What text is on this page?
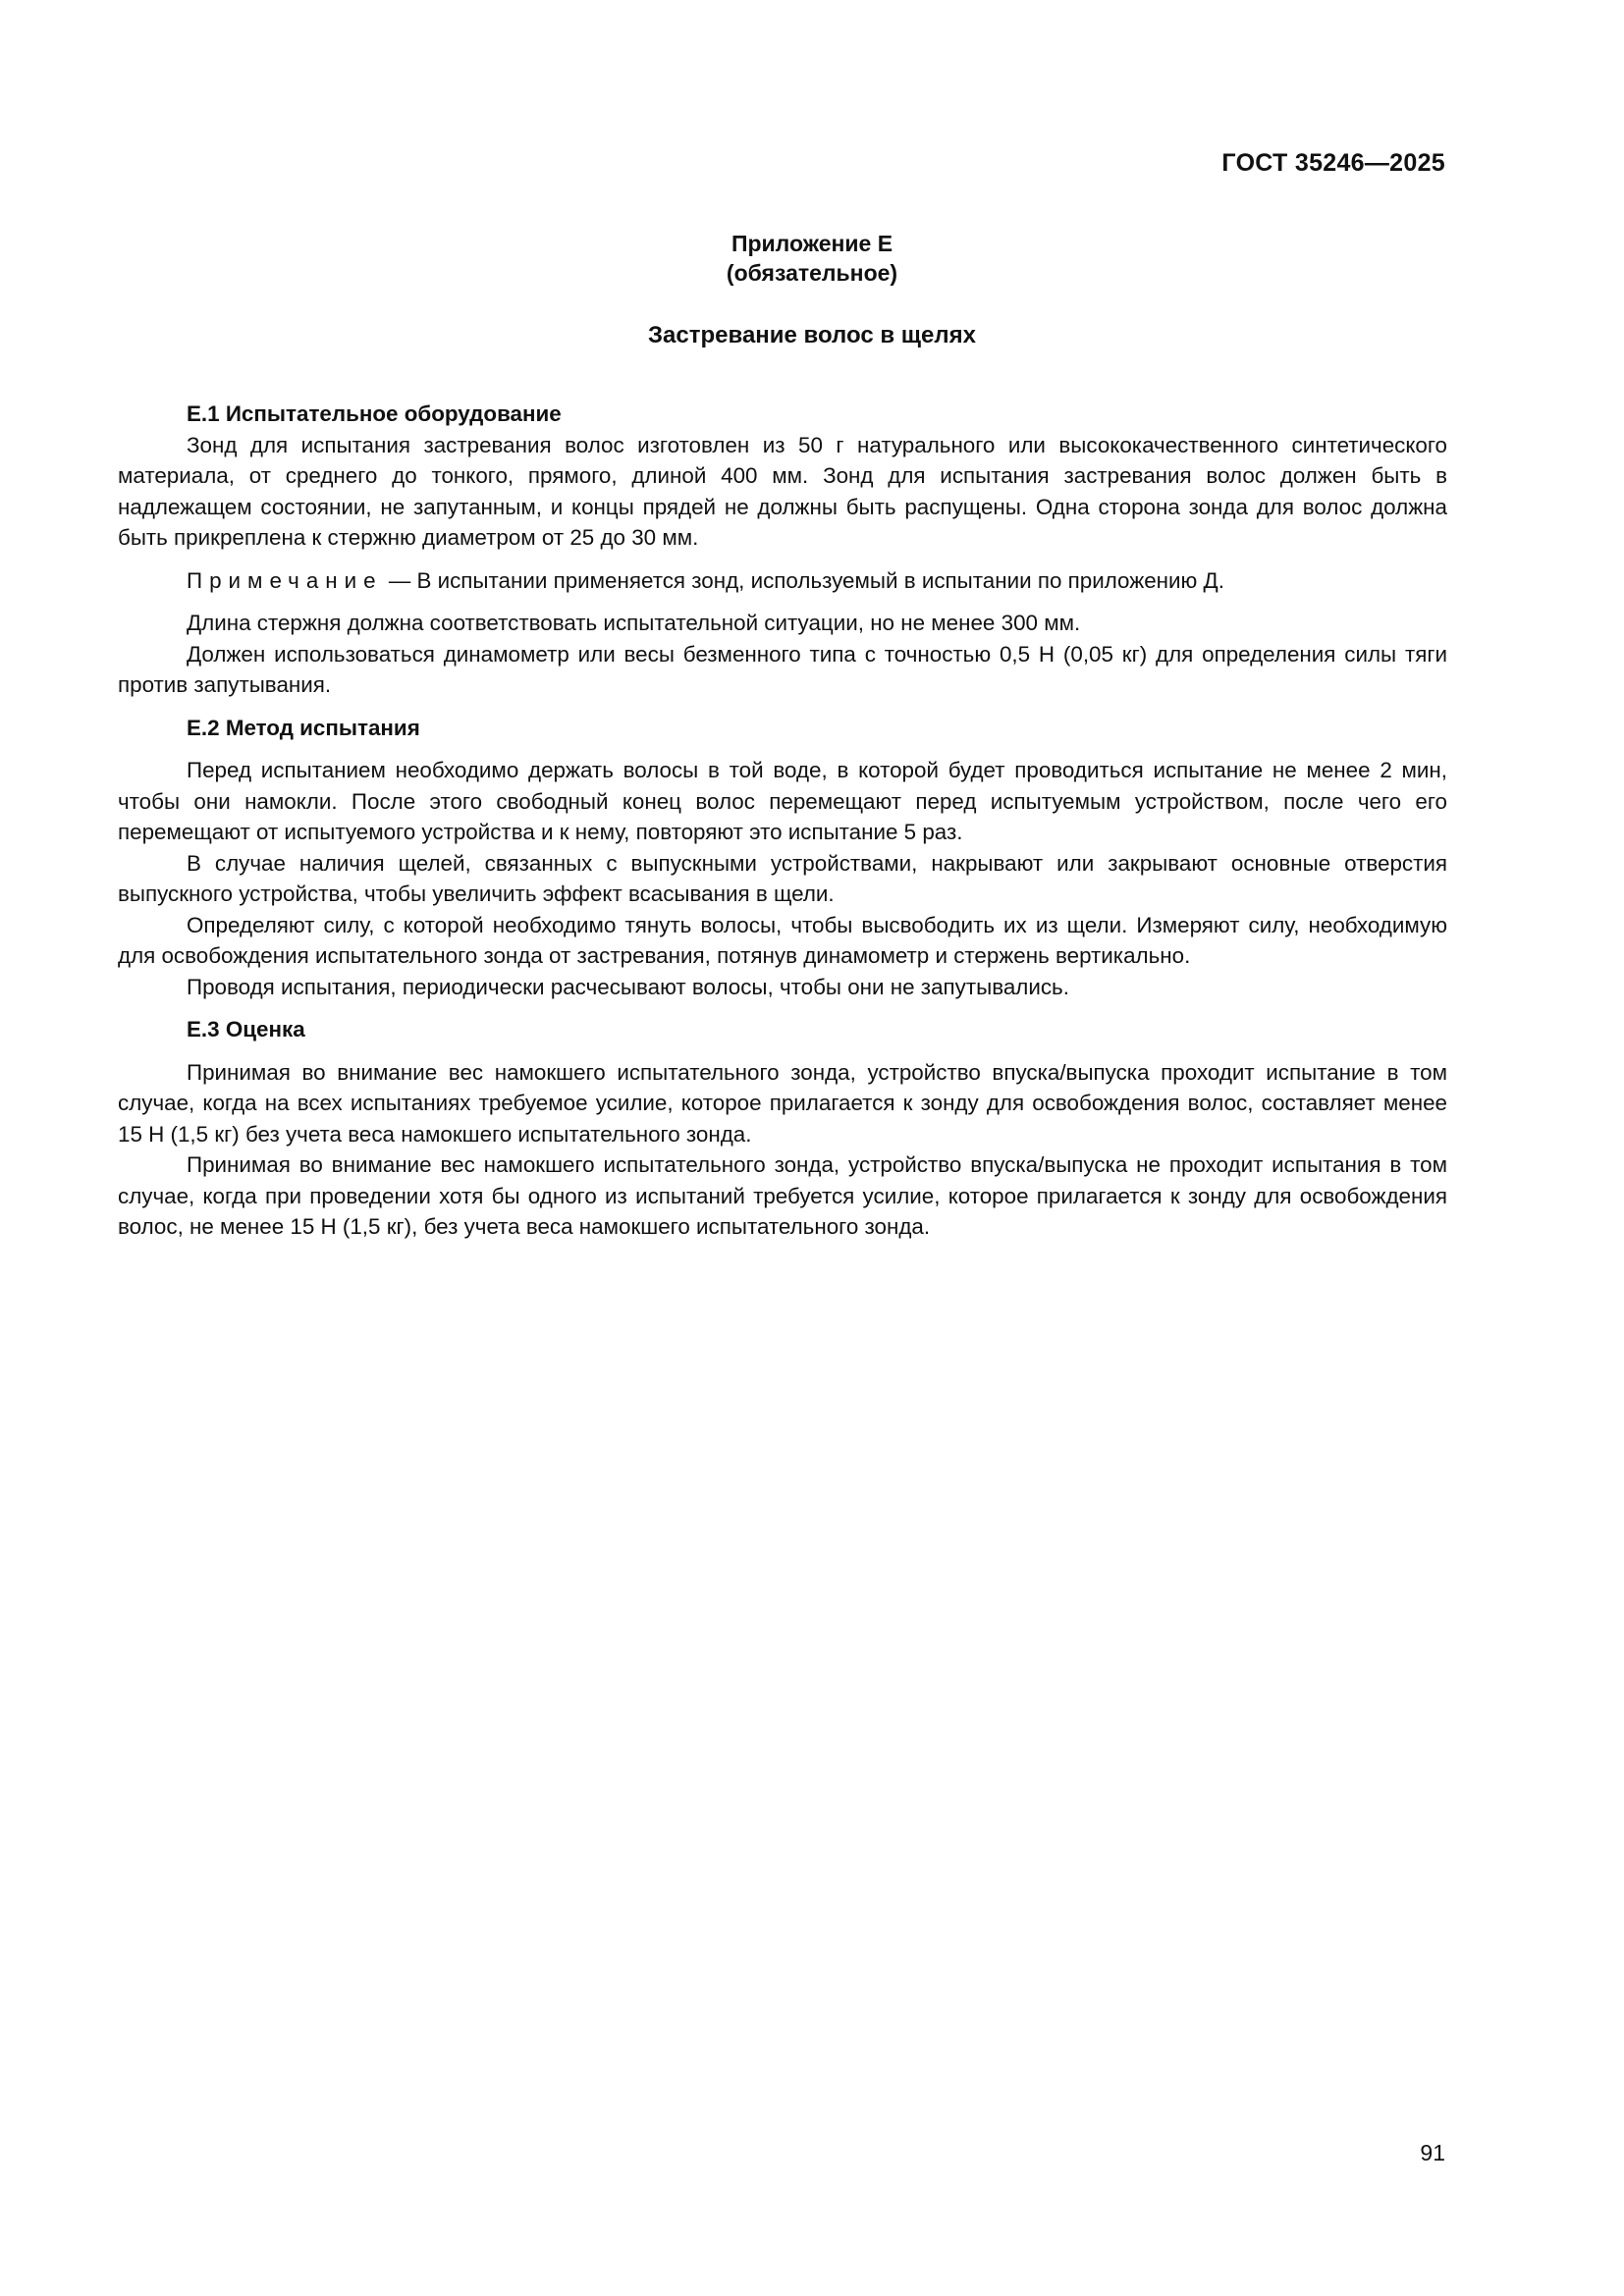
ГОСТ 35246—2025
Приложение Е
(обязательное)
Застревание волос в щелях

Е.1 Испытательное оборудование

Зонд для испытания застревания волос изготовлен из 50 г натурального или высококачественного синтетического материала, от среднего до тонкого, прямого, длиной 400 мм. Зонд для испытания застревания волос должен быть в надлежащем состоянии, не запутанным, и концы прядей не должны быть распущены. Одна сторона зонда для волос должна быть прикреплена к стержню диаметром от 25 до 30 мм.

Примечание — В испытании применяется зонд, используемый в испытании по приложению Д.

Длина стержня должна соответствовать испытательной ситуации, но не менее 300 мм.

Должен использоваться динамометр или весы безменного типа с точностью 0,5 Н (0,05 кг) для определения силы тяги против запутывания.

Е.2 Метод испытания

Перед испытанием необходимо держать волосы в той воде, в которой будет проводиться испытание не менее 2 мин, чтобы они намокли. После этого свободный конец волос перемещают перед испытуемым устройством, после чего его перемещают от испытуемого устройства и к нему, повторяют это испытание 5 раз.

В случае наличия щелей, связанных с выпускными устройствами, накрывают или закрывают основные отверстия выпускного устройства, чтобы увеличить эффект всасывания в щели.

Определяют силу, с которой необходимо тянуть волосы, чтобы высвободить их из щели. Измеряют силу, необходимую для освобождения испытательного зонда от застревания, потянув динамометр и стержень вертикально.

Проводя испытания, периодически расчесывают волосы, чтобы они не запутывались.

Е.3 Оценка

Принимая во внимание вес намокшего испытательного зонда, устройство впуска/выпуска проходит испытание в том случае, когда на всех испытаниях требуемое усилие, которое прилагается к зонду для освобождения волос, составляет менее 15 Н (1,5 кг) без учета веса намокшего испытательного зонда.

Принимая во внимание вес намокшего испытательного зонда, устройство впуска/выпуска не проходит испытания в том случае, когда при проведении хотя бы одного из испытаний требуется усилие, которое прилагается к зонду для освобождения волос, не менее 15 Н (1,5 кг), без учета веса намокшего испытательного зонда.

91
